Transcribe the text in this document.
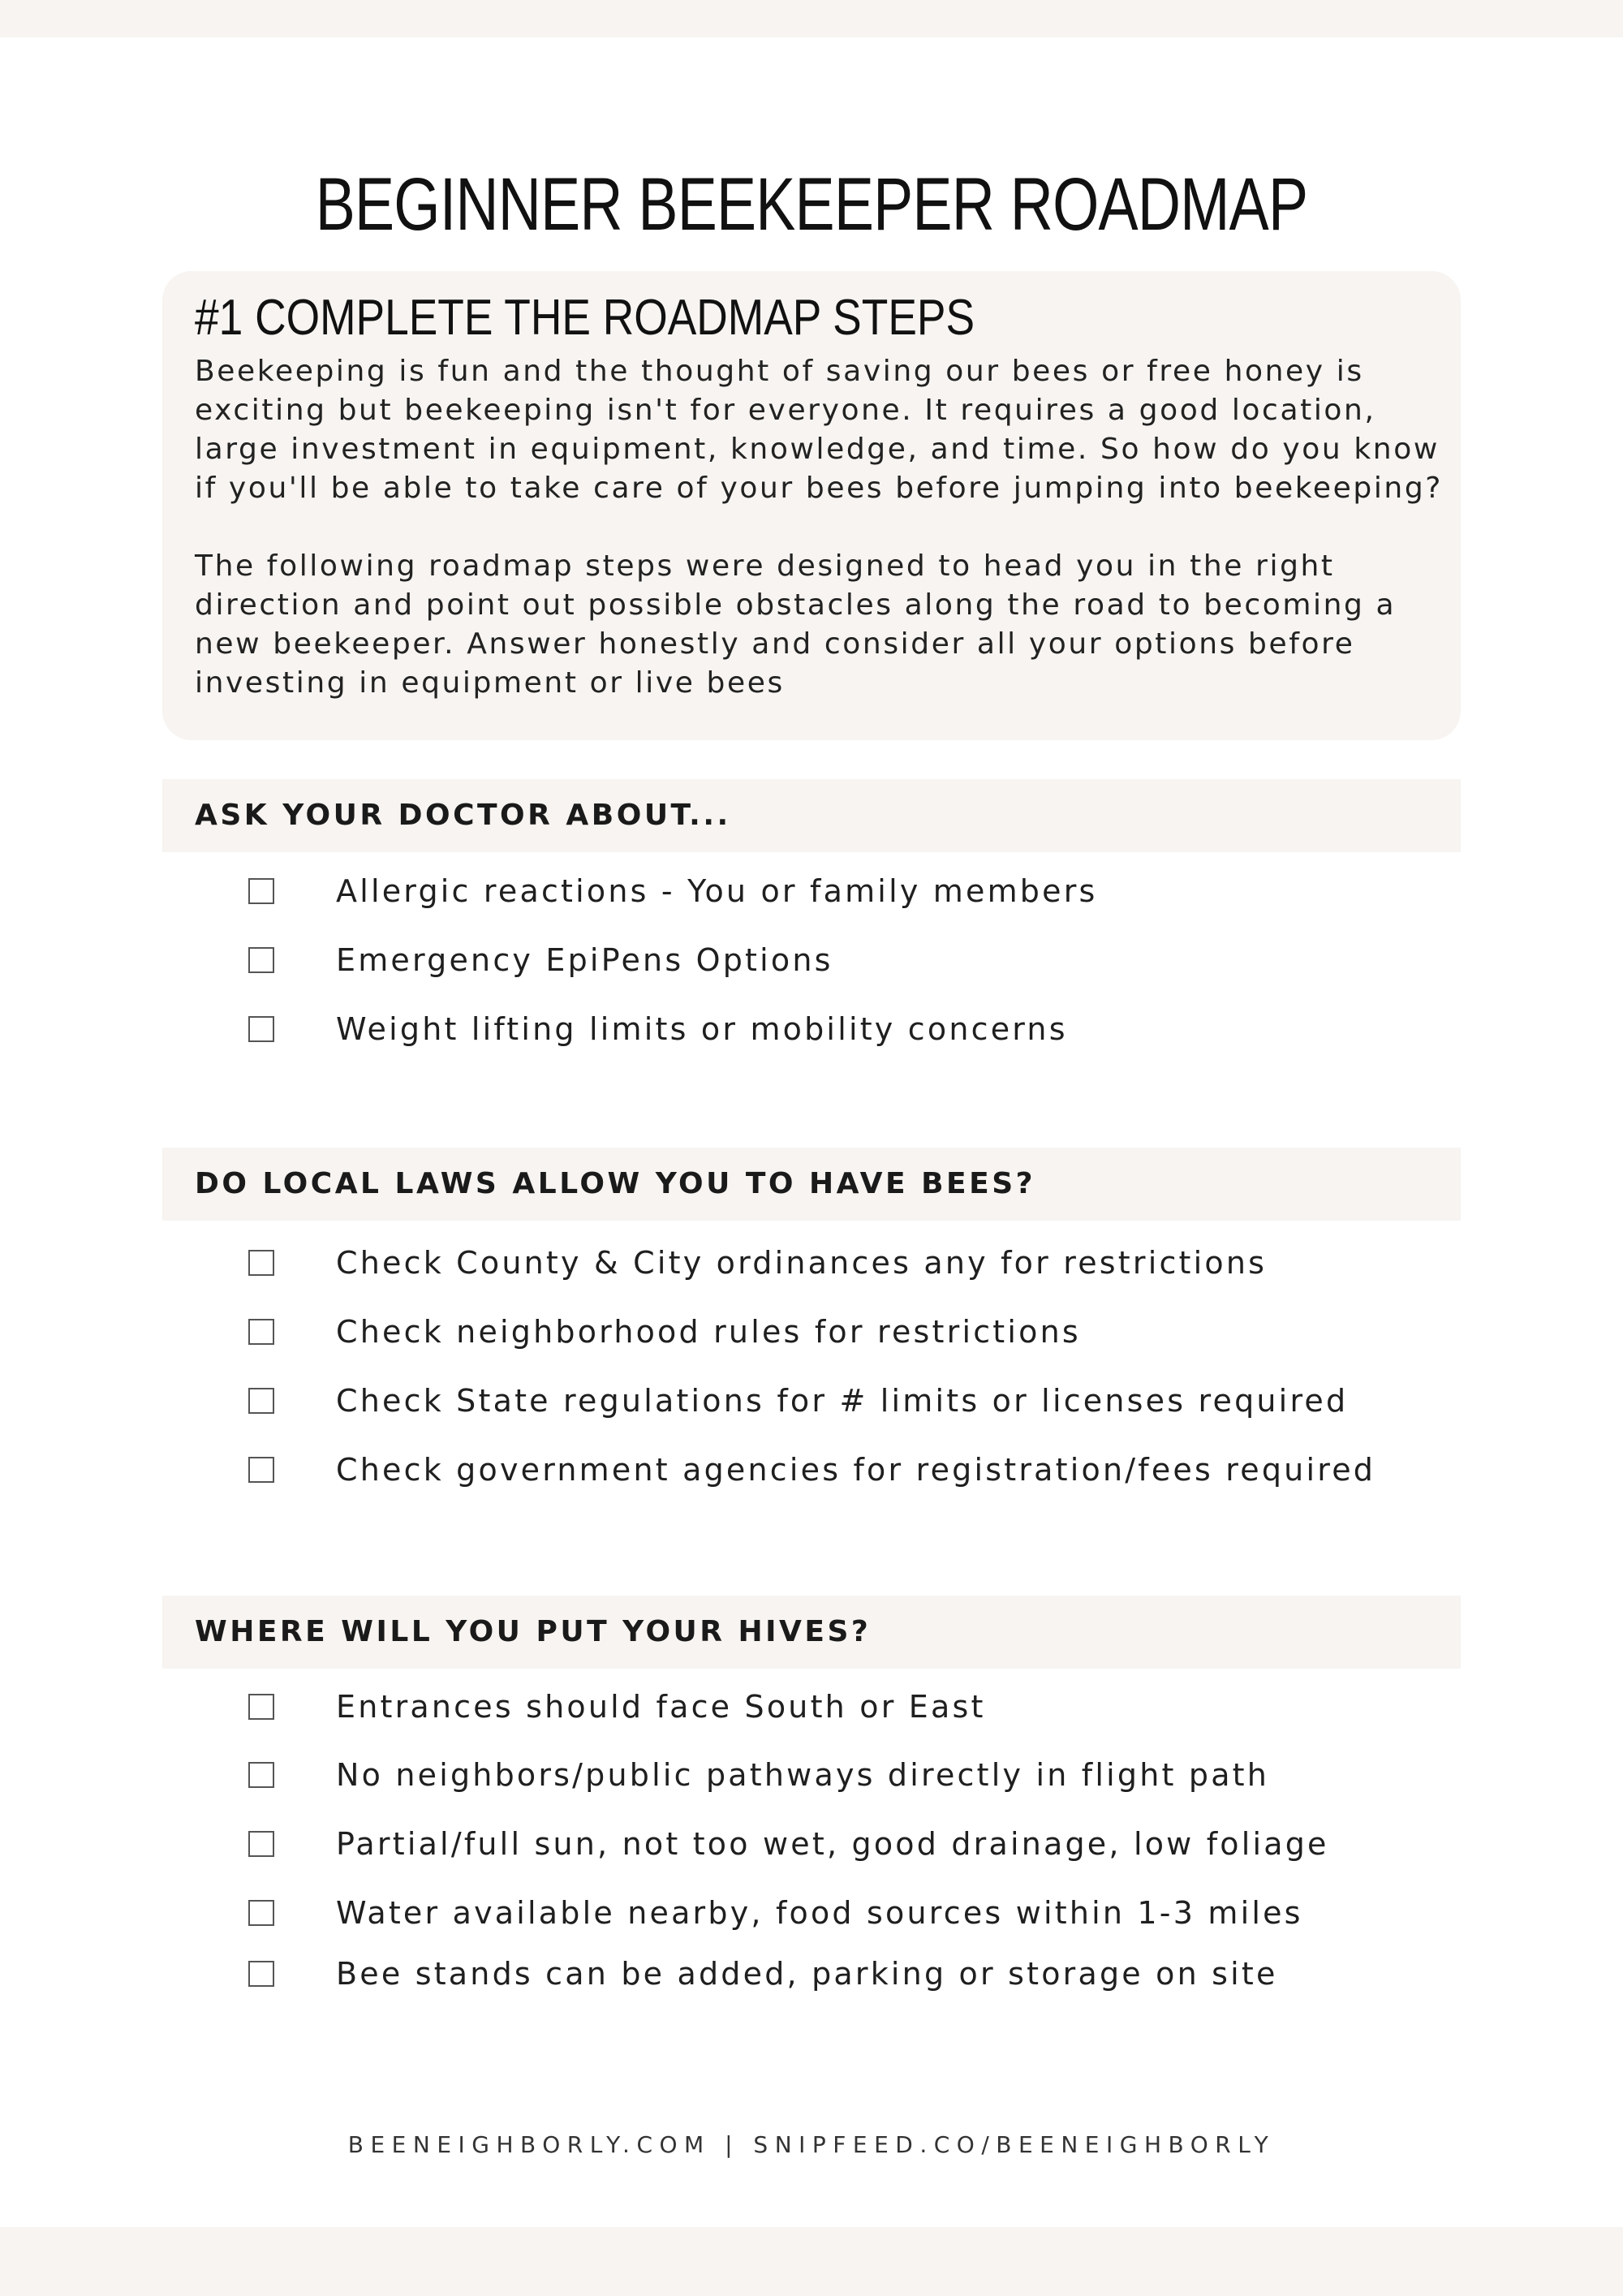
BEGINNER BEEKEEPER ROADMAP
#1 COMPLETE THE ROADMAP STEPS

Beekeeping is fun and the thought of saving our bees or free honey is exciting but beekeeping isn't for everyone. It requires a good location, large investment in equipment, knowledge, and time. So how do you know if you'll be able to take care of your bees before jumping into beekeeping?

The following roadmap steps were designed to head you in the right direction and point out possible obstacles along the road to becoming a new beekeeper. Answer honestly and consider all your options before investing in equipment or live bees

ASK YOUR DOCTOR ABOUT...
Allergic reactions - You or family members
Emergency EpiPens Options
Weight lifting limits or mobility concerns
DO LOCAL LAWS ALLOW YOU TO HAVE BEES?
Check County & City ordinances any for restrictions
Check neighborhood rules for restrictions
Check State regulations for # limits or licenses required
Check government agencies for registration/fees required
WHERE WILL YOU PUT YOUR HIVES?
Entrances should face South or East
No neighbors/public pathways directly in flight path
Partial/full sun, not too wet, good drainage, low foliage
Water available nearby, food sources within 1-3 miles
Bee stands can be added, parking or storage on site
BEENEIGHBORLY.COM | SNIPFEED.CO/BEENEIGHBORLY
